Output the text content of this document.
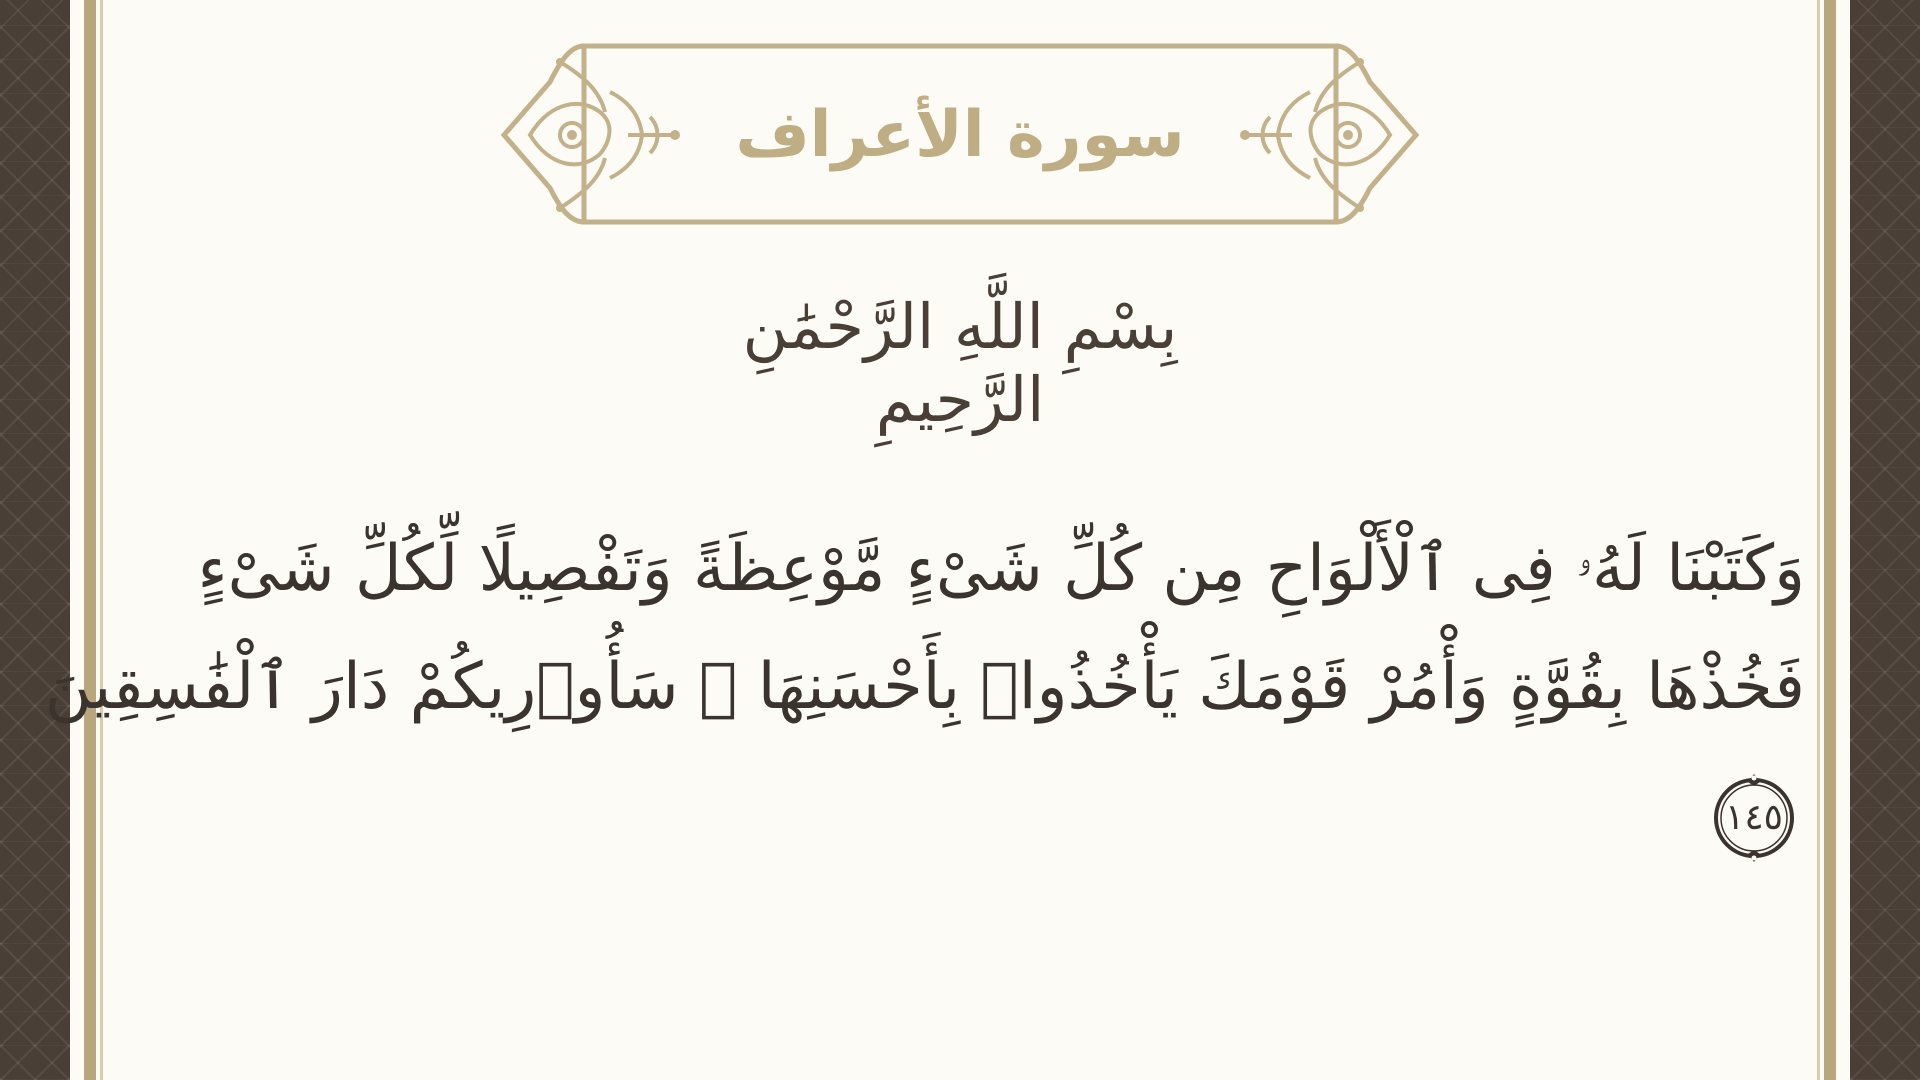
سورة الأعراف
بِسْمِ اللَّهِ الرَّحْمَٰنِ الرَّحِيمِ
وَكَتَبْنَا لَهُۥ فِى ٱلْأَلْوَاحِ مِن كُلِّ شَىْءٍ مَّوْعِظَةً وَتَفْصِيلًا لِّكُلِّ شَىْءٍ
فَخُذْهَا بِقُوَّةٍ وَأْمُرْ قَوْمَكَ يَأْخُذُوا۟ بِأَحْسَنِهَا ۚ سَأُو۟رِيكُمْ دَارَ ٱلْفَٰسِقِينَ
١٤٥
